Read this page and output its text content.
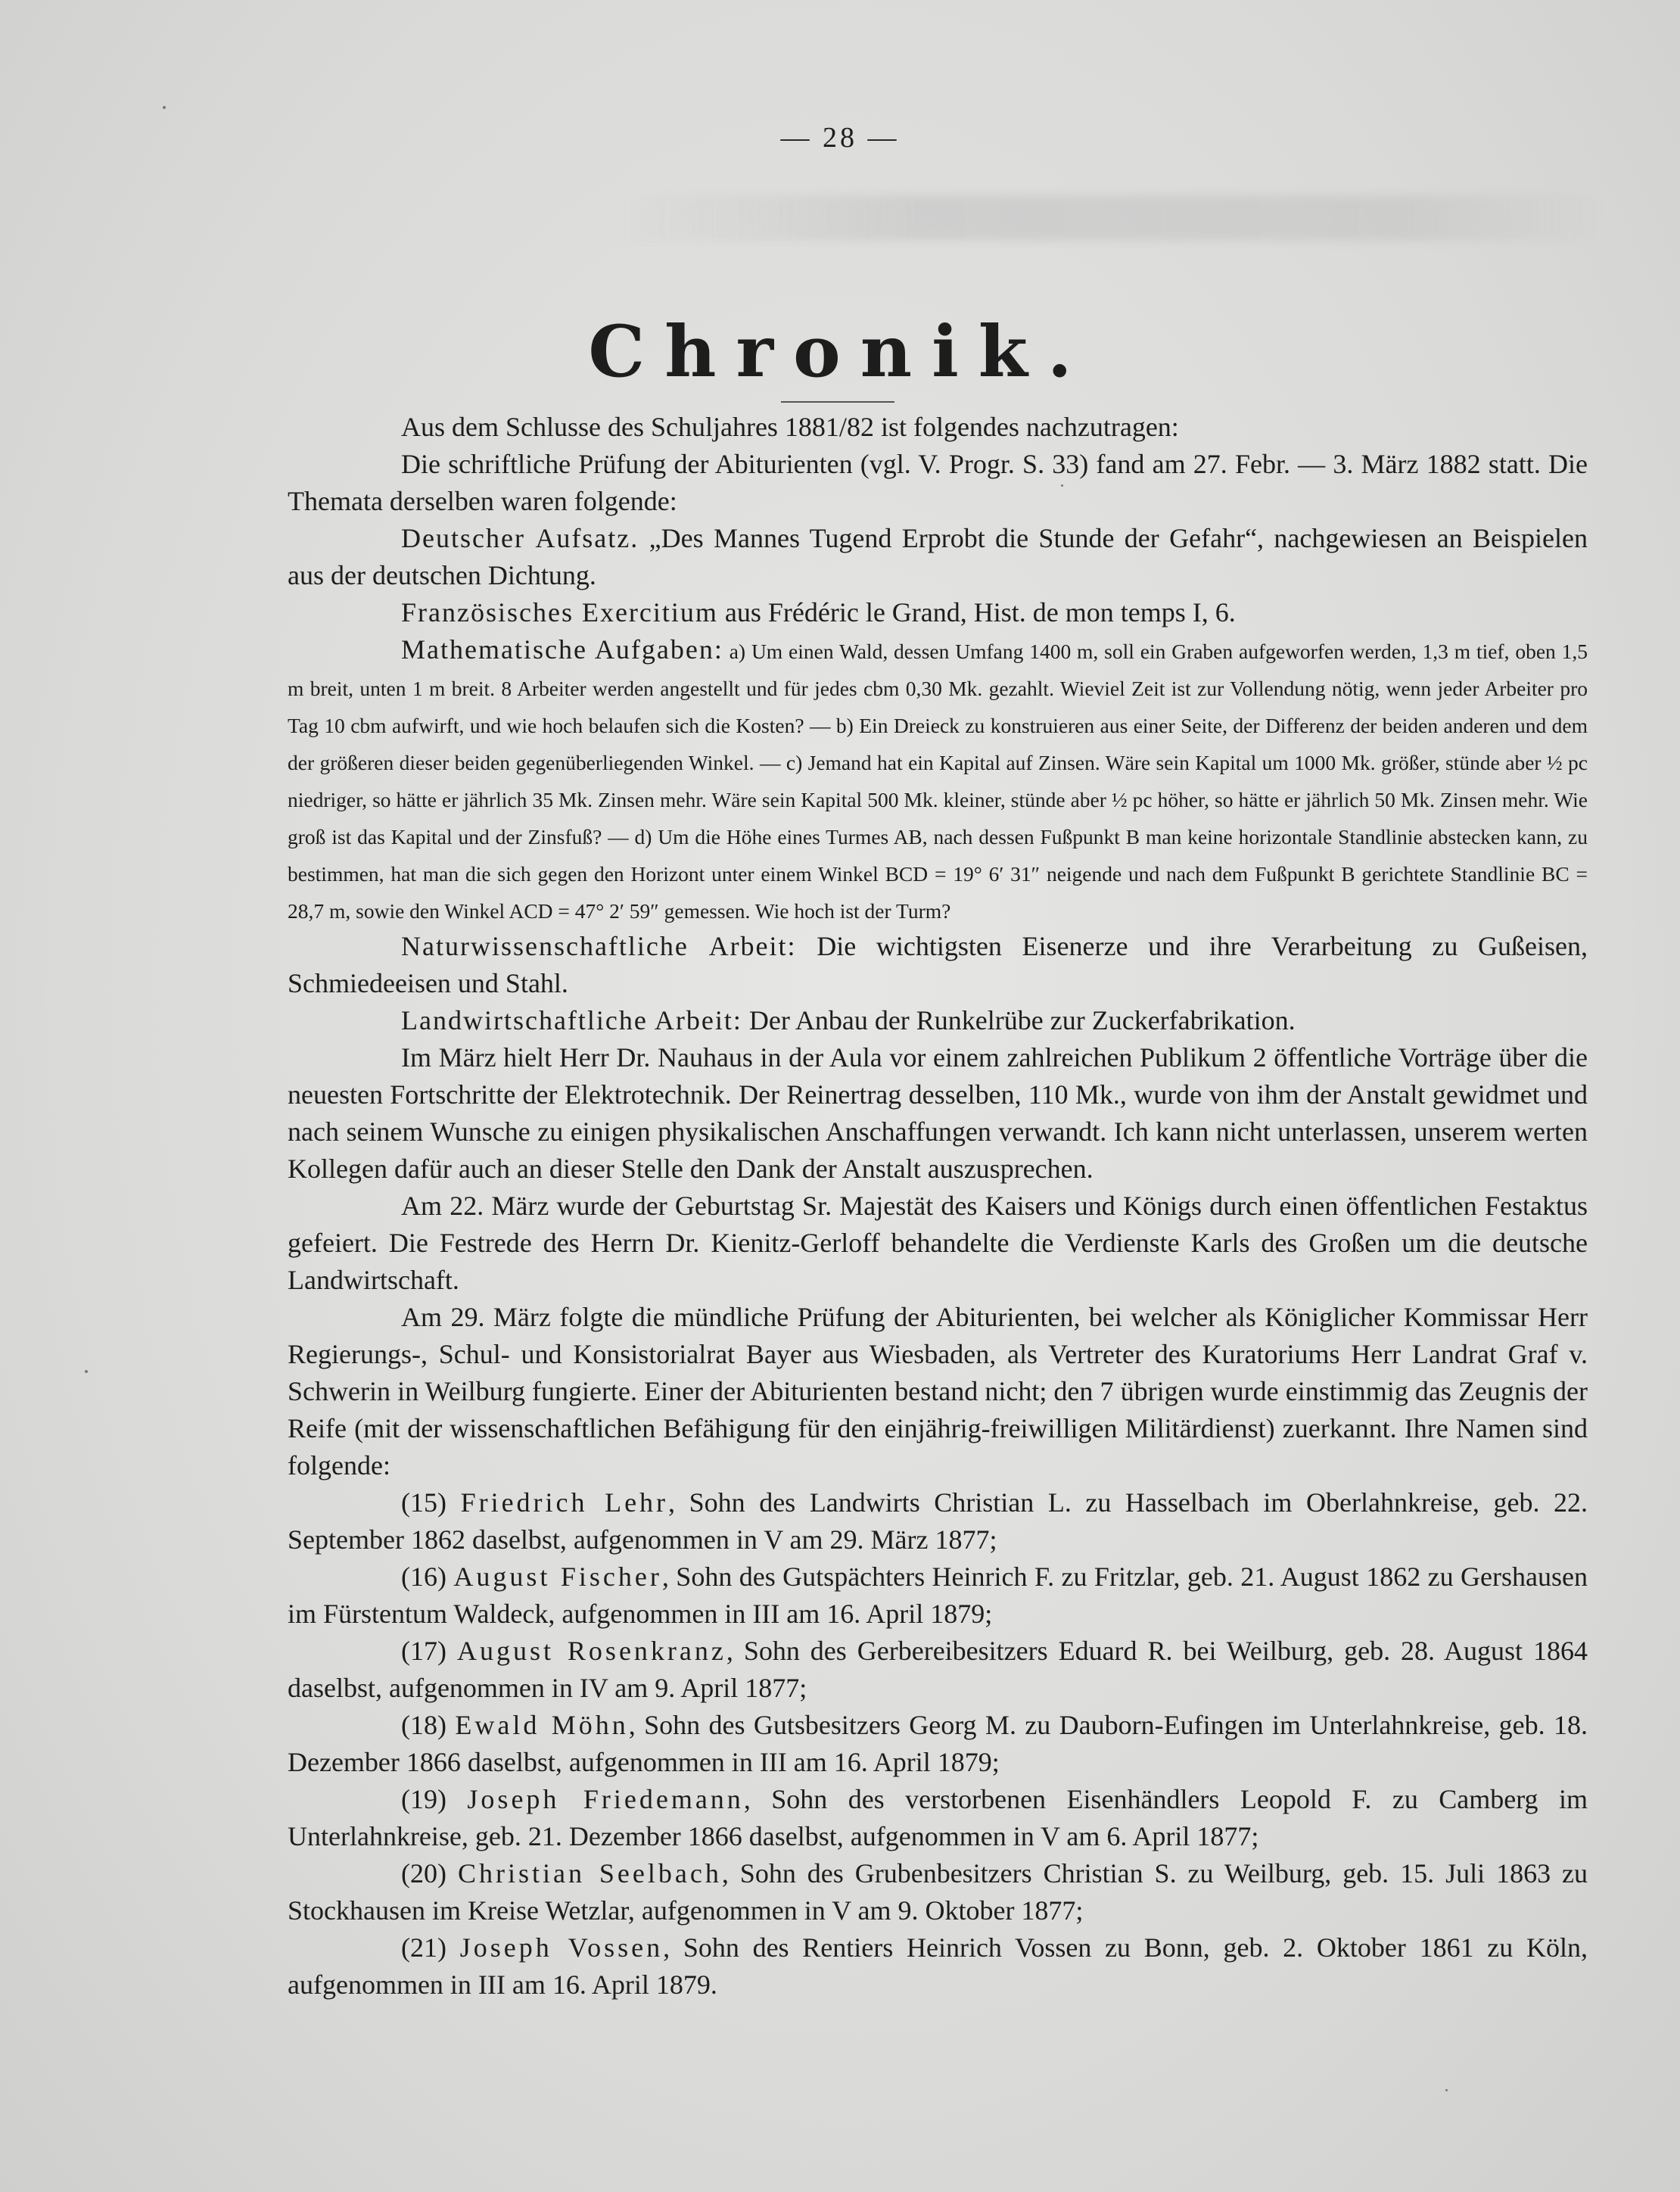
— 28 —
Chronik.

Aus dem Schlusse des Schuljahres 1881/82 ist folgendes nachzutragen:

Die schriftliche Prüfung der Abiturienten (vgl. V. Progr. S. 33) fand am 27. Febr. — 3. März 1882 statt. Die Themata derselben waren folgende:

Deutscher Aufsatz. „Des Mannes Tugend Erprobt die Stunde der Gefahr“, nachgewiesen an Beispielen aus der deutschen Dichtung.

Französisches Exercitium aus Frédéric le Grand, Hist. de mon temps I, 6.

Mathematische Aufgaben: a) Um einen Wald, dessen Umfang 1400 m, soll ein Graben aufgeworfen werden, 1,3 m tief, oben 1,5 m breit, unten 1 m breit. 8 Arbeiter werden angestellt und für jedes cbm 0,30 Mk. gezahlt. Wieviel Zeit ist zur Vollendung nötig, wenn jeder Arbeiter pro Tag 10 cbm aufwirft, und wie hoch belaufen sich die Kosten? — b) Ein Dreieck zu konstruieren aus einer Seite, der Differenz der beiden anderen und dem der größeren dieser beiden gegenüberliegenden Winkel. — c) Jemand hat ein Kapital auf Zinsen. Wäre sein Kapital um 1000 Mk. größer, stünde aber ½ pc niedriger, so hätte er jährlich 35 Mk. Zinsen mehr. Wäre sein Kapital 500 Mk. kleiner, stünde aber ½ pc höher, so hätte er jährlich 50 Mk. Zinsen mehr. Wie groß ist das Kapital und der Zinsfuß? — d) Um die Höhe eines Turmes AB, nach dessen Fußpunkt B man keine horizontale Standlinie abstecken kann, zu bestimmen, hat man die sich gegen den Horizont unter einem Winkel BCD = 19° 6′ 31″ neigende und nach dem Fußpunkt B gerichtete Standlinie BC = 28,7 m, sowie den Winkel ACD = 47° 2′ 59″ gemessen. Wie hoch ist der Turm?

Naturwissenschaftliche Arbeit: Die wichtigsten Eisenerze und ihre Verarbeitung zu Gußeisen, Schmiedeeisen und Stahl.

Landwirtschaftliche Arbeit: Der Anbau der Runkelrübe zur Zuckerfabrikation.

Im März hielt Herr Dr. Nauhaus in der Aula vor einem zahlreichen Publikum 2 öffentliche Vorträge über die neuesten Fortschritte der Elektrotechnik. Der Reinertrag desselben, 110 Mk., wurde von ihm der Anstalt gewidmet und nach seinem Wunsche zu einigen physikalischen Anschaffungen verwandt. Ich kann nicht unterlassen, unserem werten Kollegen dafür auch an dieser Stelle den Dank der Anstalt auszusprechen.

Am 22. März wurde der Geburtstag Sr. Majestät des Kaisers und Königs durch einen öffentlichen Festaktus gefeiert. Die Festrede des Herrn Dr. Kienitz-Gerloff behandelte die Verdienste Karls des Großen um die deutsche Landwirtschaft.

Am 29. März folgte die mündliche Prüfung der Abiturienten, bei welcher als Königlicher Kommissar Herr Regierungs-, Schul- und Konsistorialrat Bayer aus Wiesbaden, als Vertreter des Kuratoriums Herr Landrat Graf v. Schwerin in Weilburg fungierte. Einer der Abiturienten bestand nicht; den 7 übrigen wurde einstimmig das Zeugnis der Reife (mit der wissenschaftlichen Befähigung für den einjährig-freiwilligen Militärdienst) zuerkannt. Ihre Namen sind folgende:

(15) Friedrich Lehr, Sohn des Landwirts Christian L. zu Hasselbach im Oberlahnkreise, geb. 22. September 1862 daselbst, aufgenommen in V am 29. März 1877;

(16) August Fischer, Sohn des Gutspächters Heinrich F. zu Fritzlar, geb. 21. August 1862 zu Gershausen im Fürstentum Waldeck, aufgenommen in III am 16. April 1879;

(17) August Rosenkranz, Sohn des Gerbereibesitzers Eduard R. bei Weilburg, geb. 28. August 1864 daselbst, aufgenommen in IV am 9. April 1877;

(18) Ewald Möhn, Sohn des Gutsbesitzers Georg M. zu Dauborn-Eufingen im Unterlahnkreise, geb. 18. Dezember 1866 daselbst, aufgenommen in III am 16. April 1879;

(19) Joseph Friedemann, Sohn des verstorbenen Eisenhändlers Leopold F. zu Camberg im Unterlahnkreise, geb. 21. Dezember 1866 daselbst, aufgenommen in V am 6. April 1877;

(20) Christian Seelbach, Sohn des Grubenbesitzers Christian S. zu Weilburg, geb. 15. Juli 1863 zu Stockhausen im Kreise Wetzlar, aufgenommen in V am 9. Oktober 1877;

(21) Joseph Vossen, Sohn des Rentiers Heinrich Vossen zu Bonn, geb. 2. Oktober 1861 zu Köln, aufgenommen in III am 16. April 1879.
